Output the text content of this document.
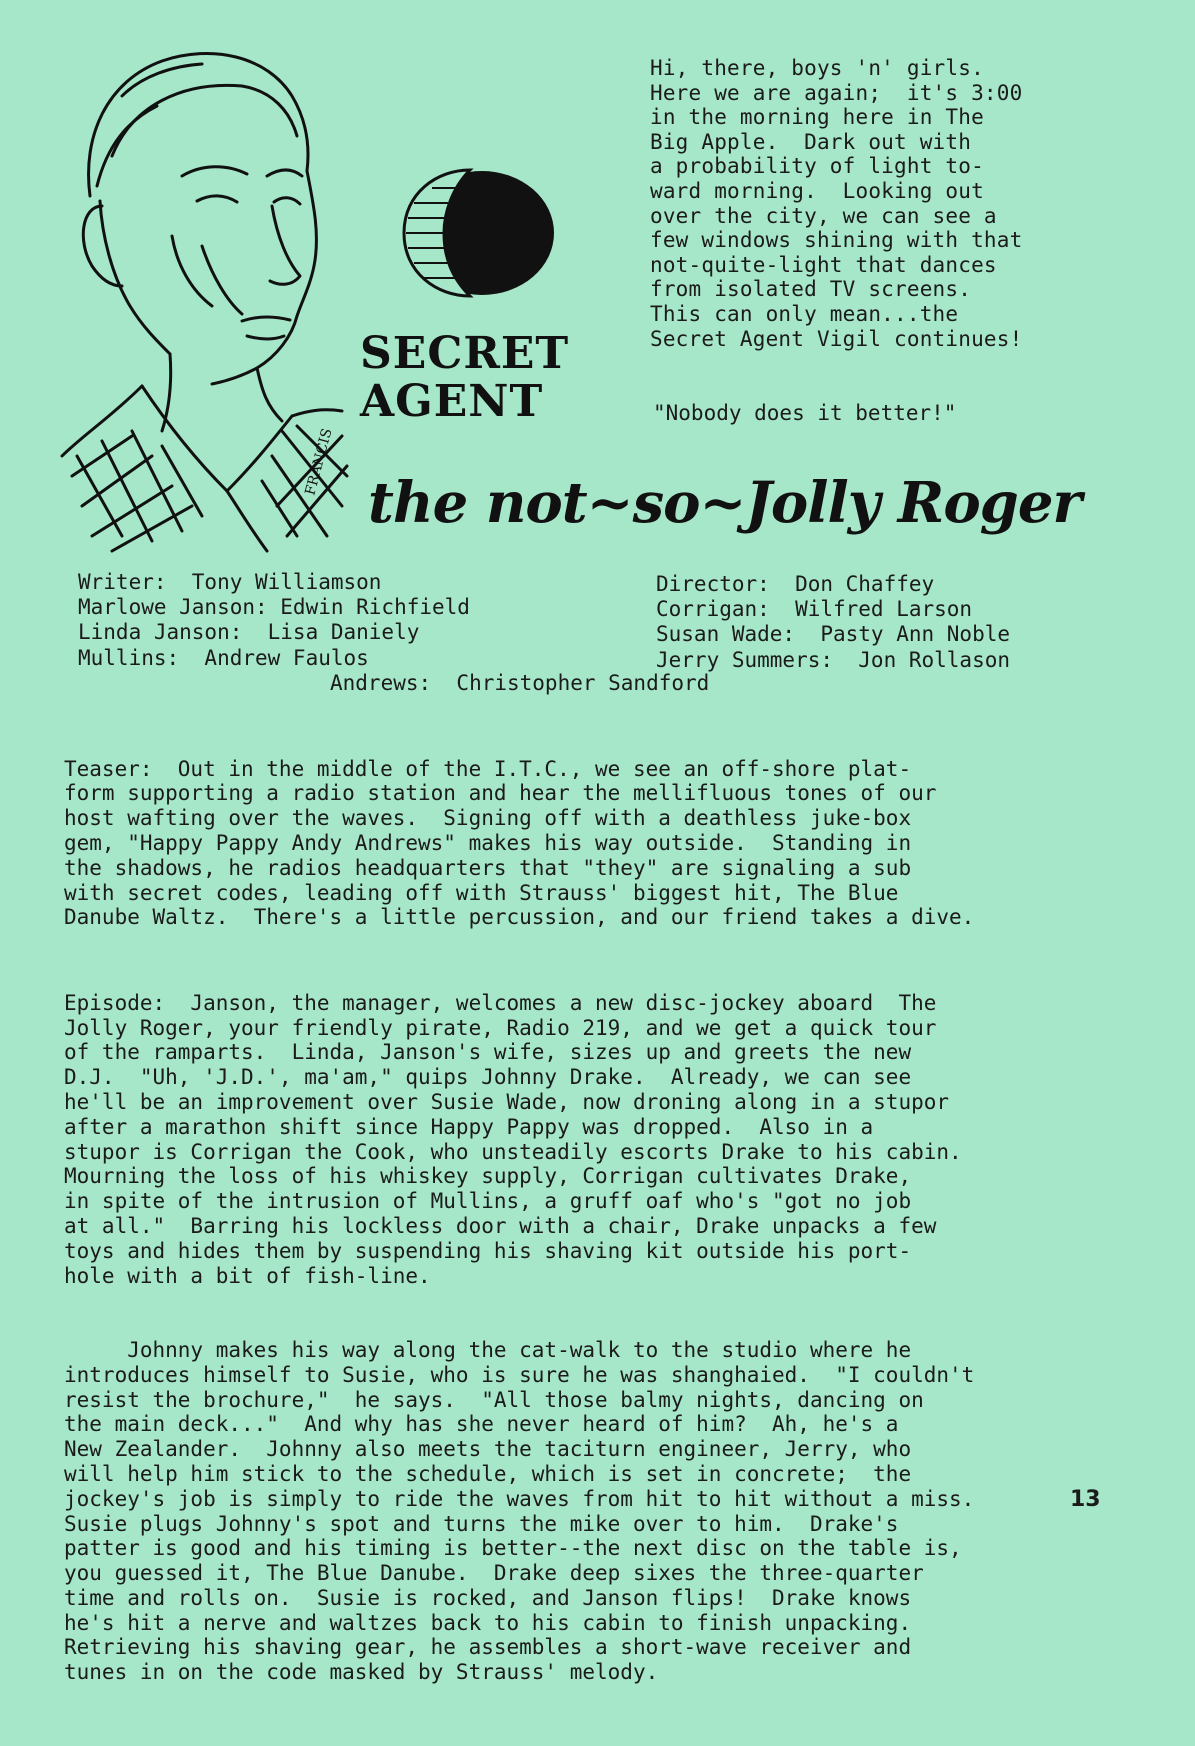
FRANCIS
SECRET
AGENT
Hi, there, boys 'n' girls.
Here we are again;  it's 3:00
in the morning here in The
Big Apple.  Dark out with
a probability of light to-
ward morning.  Looking out
over the city, we can see a
few windows shining with that
not-quite-light that dances
from isolated TV screens.
This can only mean...the
Secret Agent Vigil continues!
"Nobody does it better!"
the not~so~Jolly Roger
Writer:  Tony Williamson
Marlowe Janson: Edwin Richfield
Linda Janson:  Lisa Daniely
Mullins:  Andrew Faulos
Director:  Don Chaffey
Corrigan:  Wilfred Larson
Susan Wade:  Pasty Ann Noble
Jerry Summers:  Jon Rollason
Andrews:  Christopher Sandford

Teaser:  Out in the middle of the I.T.C., we see an off-shore plat-
form supporting a radio station and hear the mellifluous tones of our
host wafting over the waves.  Signing off with a deathless juke-box
gem, "Happy Pappy Andy Andrews" makes his way outside.  Standing in
the shadows, he radios headquarters that "they" are signaling a sub
with secret codes, leading off with Strauss' biggest hit, The Blue
Danube Waltz.  There's a little percussion, and our friend takes a dive.

Episode:  Janson, the manager, welcomes a new disc-jockey aboard  The
Jolly Roger, your friendly pirate, Radio 219, and we get a quick tour
of the ramparts.  Linda, Janson's wife, sizes up and greets the new
D.J.  "Uh, 'J.D.', ma'am," quips Johnny Drake.  Already, we can see
he'll be an improvement over Susie Wade, now droning along in a stupor
after a marathon shift since Happy Pappy was dropped.  Also in a
stupor is Corrigan the Cook, who unsteadily escorts Drake to his cabin.
Mourning the loss of his whiskey supply, Corrigan cultivates Drake,
in spite of the intrusion of Mullins, a gruff oaf who's "got no job
at all."  Barring his lockless door with a chair, Drake unpacks a few
toys and hides them by suspending his shaving kit outside his port-
hole with a bit of fish-line.

Johnny makes his way along the cat-walk to the studio where he
introduces himself to Susie, who is sure he was shanghaied.  "I couldn't
resist the brochure,"  he says.  "All those balmy nights, dancing on
the main deck..."  And why has she never heard of him?  Ah, he's a
New Zealander.  Johnny also meets the taciturn engineer, Jerry, who
will help him stick to the schedule, which is set in concrete;  the
jockey's job is simply to ride the waves from hit to hit without a miss.
Susie plugs Johnny's spot and turns the mike over to him.  Drake's
patter is good and his timing is better--the next disc on the table is,
you guessed it, The Blue Danube.  Drake deep sixes the three-quarter
time and rolls on.  Susie is rocked, and Janson flips!  Drake knows
he's hit a nerve and waltzes back to his cabin to finish unpacking.
Retrieving his shaving gear, he assembles a short-wave receiver and
tunes in on the code masked by Strauss' melody.

13
